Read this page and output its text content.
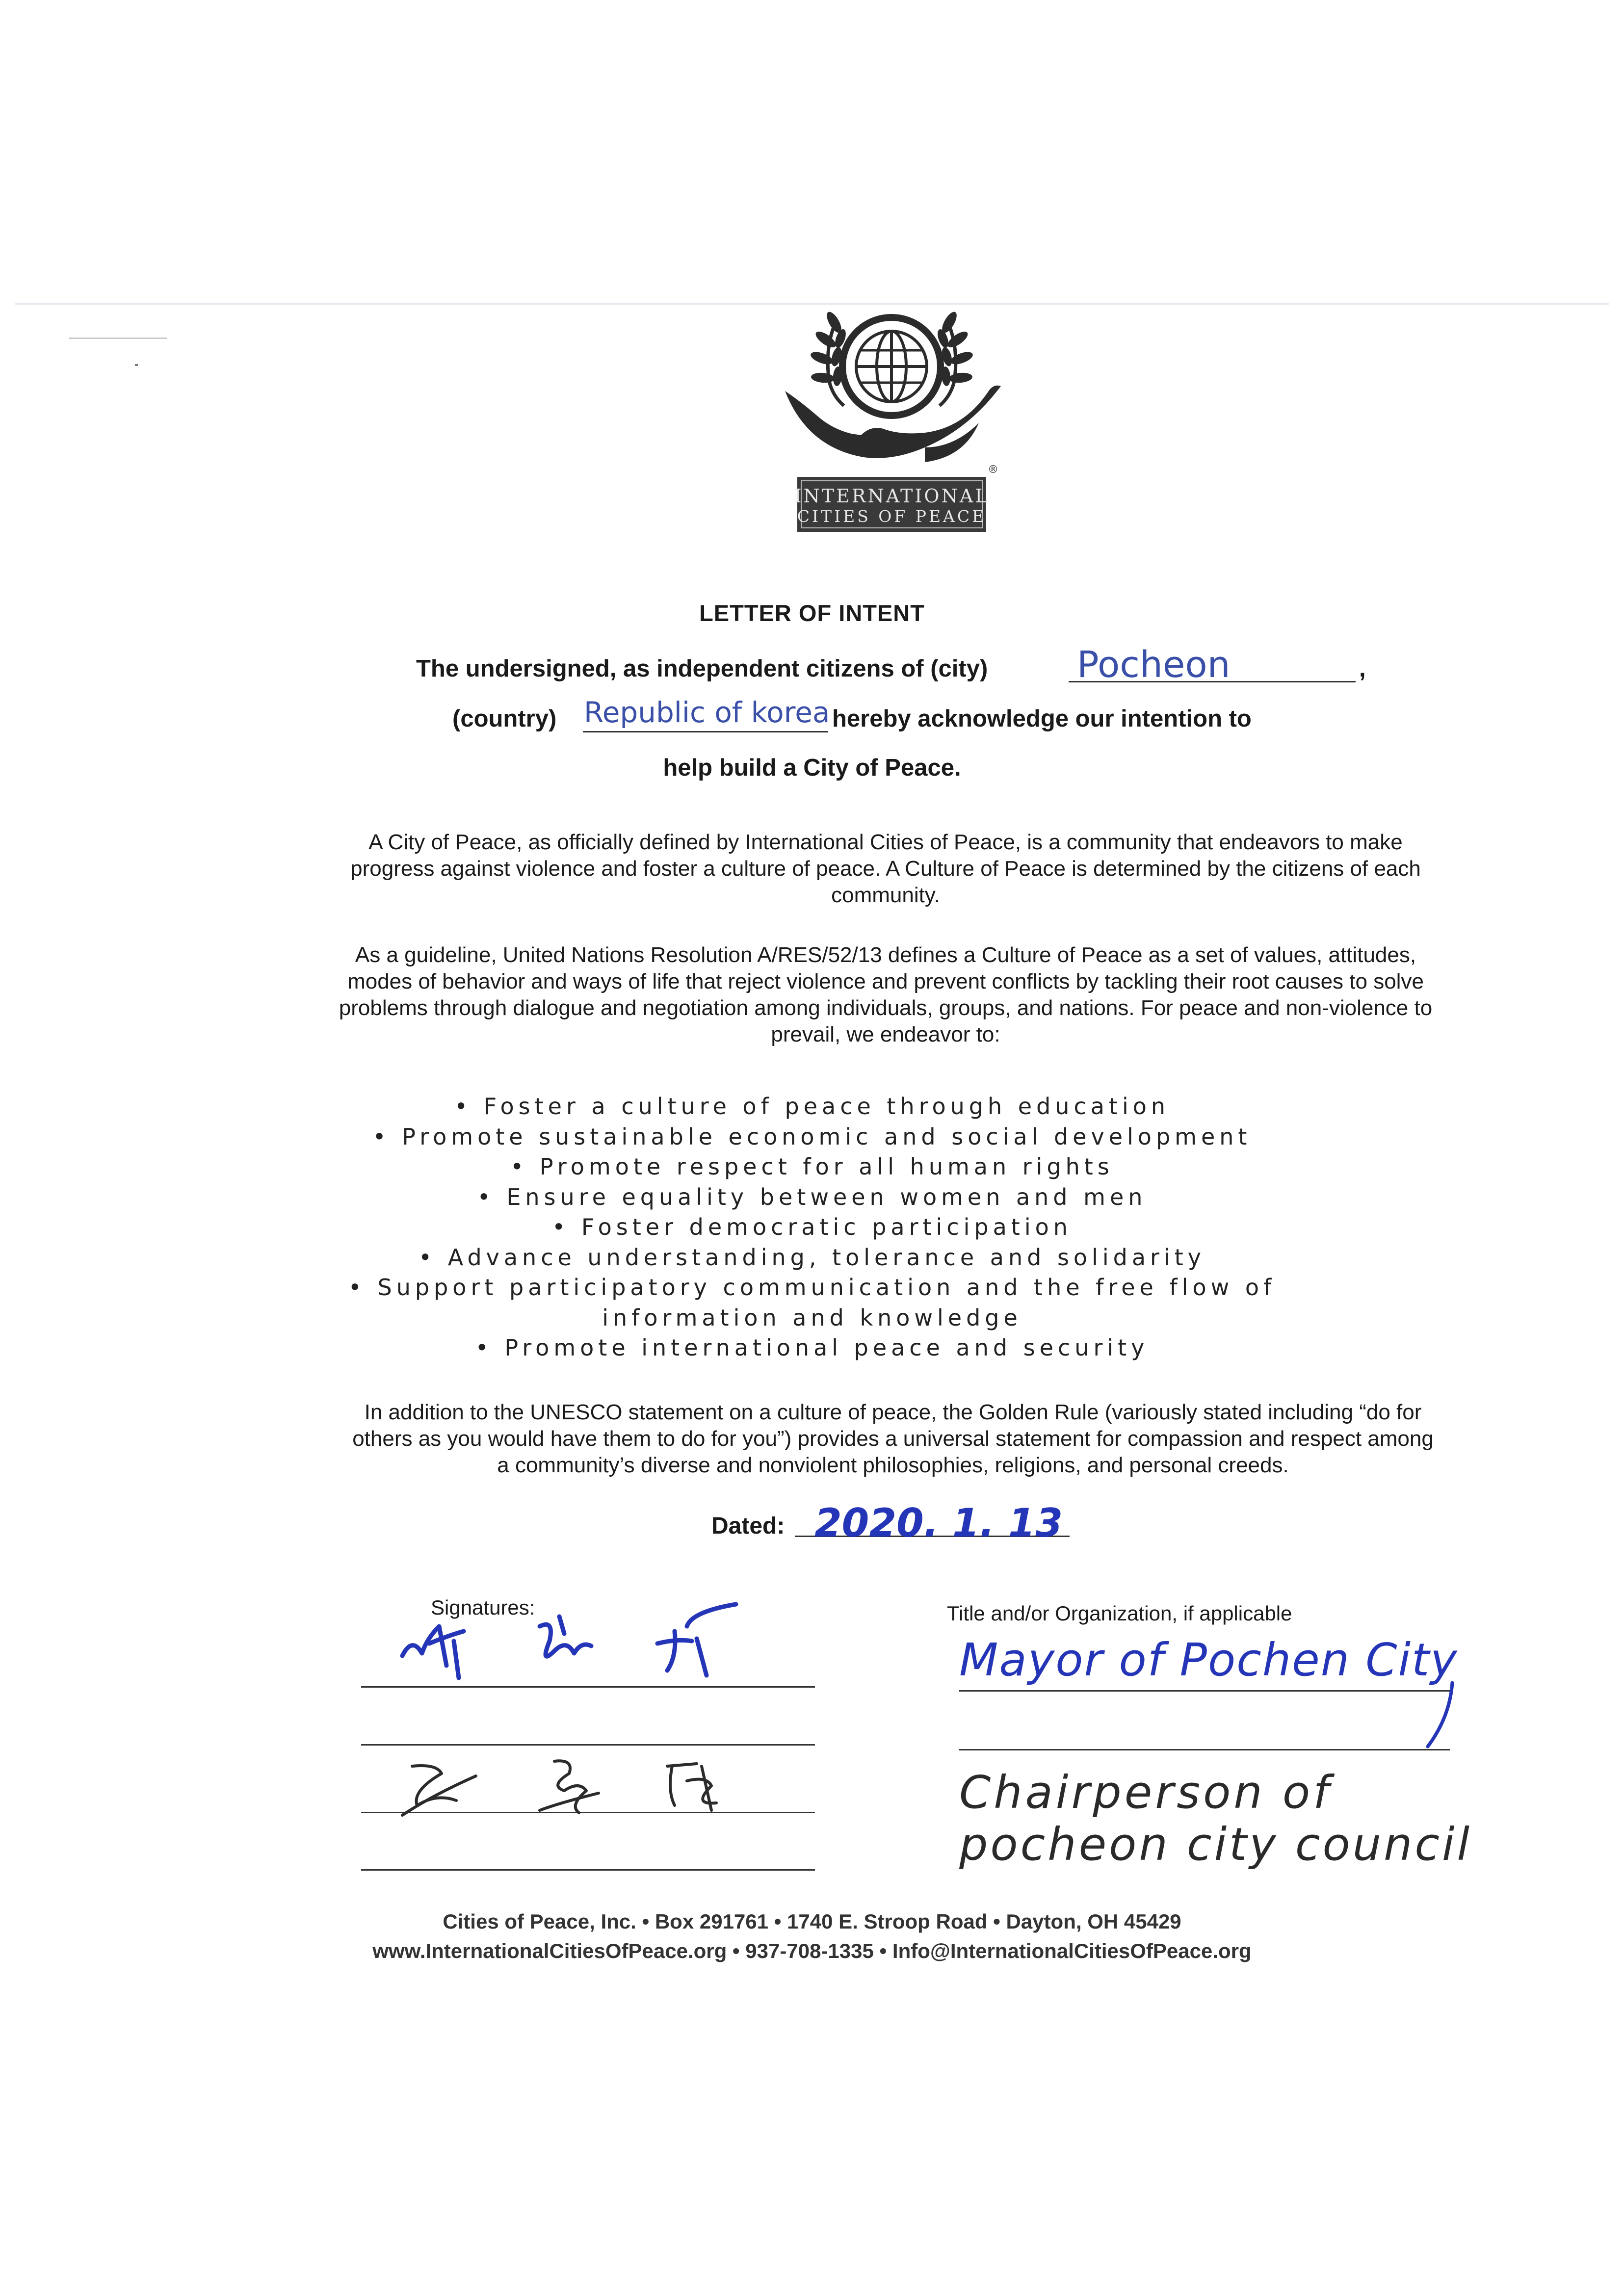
®
INTERNATIONAL
CITIES OF PEACE
LETTER OF INTENT
The undersigned, as independent citizens of (city) Pocheon	,
(country) Republic of korea hereby acknowledge our intention to
help build a City of Peace.
A City of Peace, as officially defined by International Cities of Peace, is a community that endeavors to make progress against violence and foster a culture of peace. A Culture of Peace is determined by the citizens of each community.
As a guideline, United Nations Resolution A/RES/52/13 defines a Culture of Peace as a set of values, attitudes, modes of behavior and ways of life that reject violence and prevent conflicts by tackling their root causes to solve problems through dialogue and negotiation among individuals, groups, and nations. For peace and non-violence to prevail, we endeavor to:
• Foster a culture of peace through education
• Promote sustainable economic and social development
• Promote respect for all human rights
• Ensure equality between women and men
• Foster democratic participation
• Advance understanding, tolerance and solidarity
• Support participatory communication and the free flow of
information and knowledge
• Promote international peace and security
In addition to the UNESCO statement on a culture of peace, the Golden Rule (variously stated including “do for others as you would have them to do for you”) provides a universal statement for compassion and respect among a community’s diverse and nonviolent philosophies, religions, and personal creeds.
Dated: 2020. 1. 13
Signatures:	Title and/or Organization, if applicable
Mayor of Pochen City
Chairperson of
pocheon city council
Cities of Peace, Inc. • Box 291761 • 1740 E. Stroop Road • Dayton, OH 45429
www.InternationalCitiesOfPeace.org • 937-708-1335 • Info@InternationalCitiesOfPeace.org
